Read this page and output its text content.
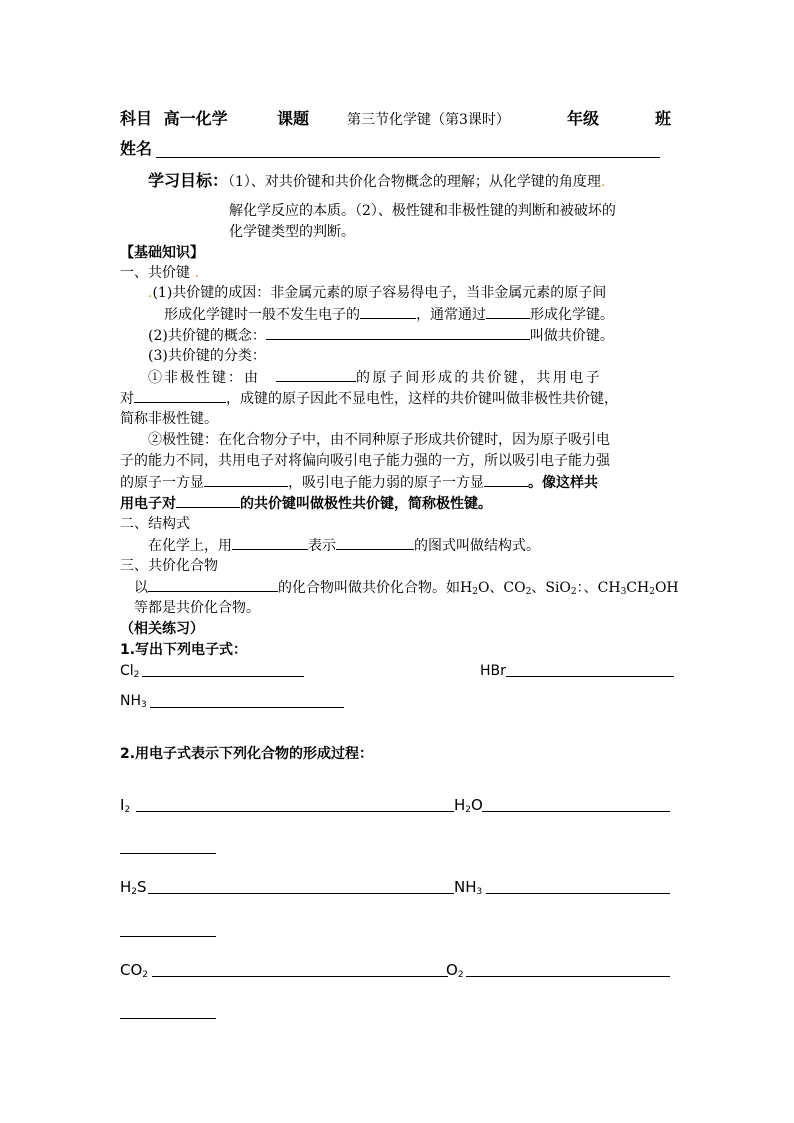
科目 高一化学	课题	第三节化学键（第3课时）	年级	班
姓名
学习目标：（1）、对共价键和共价化合物概念的理解；从化学键的角度理.
解化学反应的本质。（2）、极性键和非极性键的判断和被破坏的
化学键类型的判断。
【基础知识】
一、共价键 .
.(1)共价键的成因：非金属元素的原子容易得电子，当非金属元素的原子间
形成化学键时一般不发生电子的	，通常通过	形成化学键。
(2)共价键的概念：	叫做共价键。
(3)共价键的分类：
①非极性键：由	的原子间形成的共价键，共用电子
对	，成键的原子因此不显电性，这样的共价键叫做非极性共价键，
简称非极性键。
②极性键：在化合物分子中，由不同种原子形成共价键时，因为原子吸引电
子的能力不同，共用电子对将偏向吸引电子能力强的一方，所以吸引电子能力强
的原子一方显	，吸引电子能力弱的原子一方显	。像这样共
用电子对	的共价键叫做极性共价键，简称极性键。
二、结构式
在化学上，用	表示	的图式叫做结构式。
三、共价化合物
以	的化合物叫做共价化合物。如$H_2O$、$CO_2$、SiO$_2$：、$CH_3CH_2OH$
等都是共价化合物。
（相关练习）
1.写出下列电子式：
$Cl_2$	HBr
$NH_3$
2.用电子式表示下列化合物的形成过程：
$I_2$	$H_2O$
$H_2S$	$NH_3$
$CO_2$	$O_2$
